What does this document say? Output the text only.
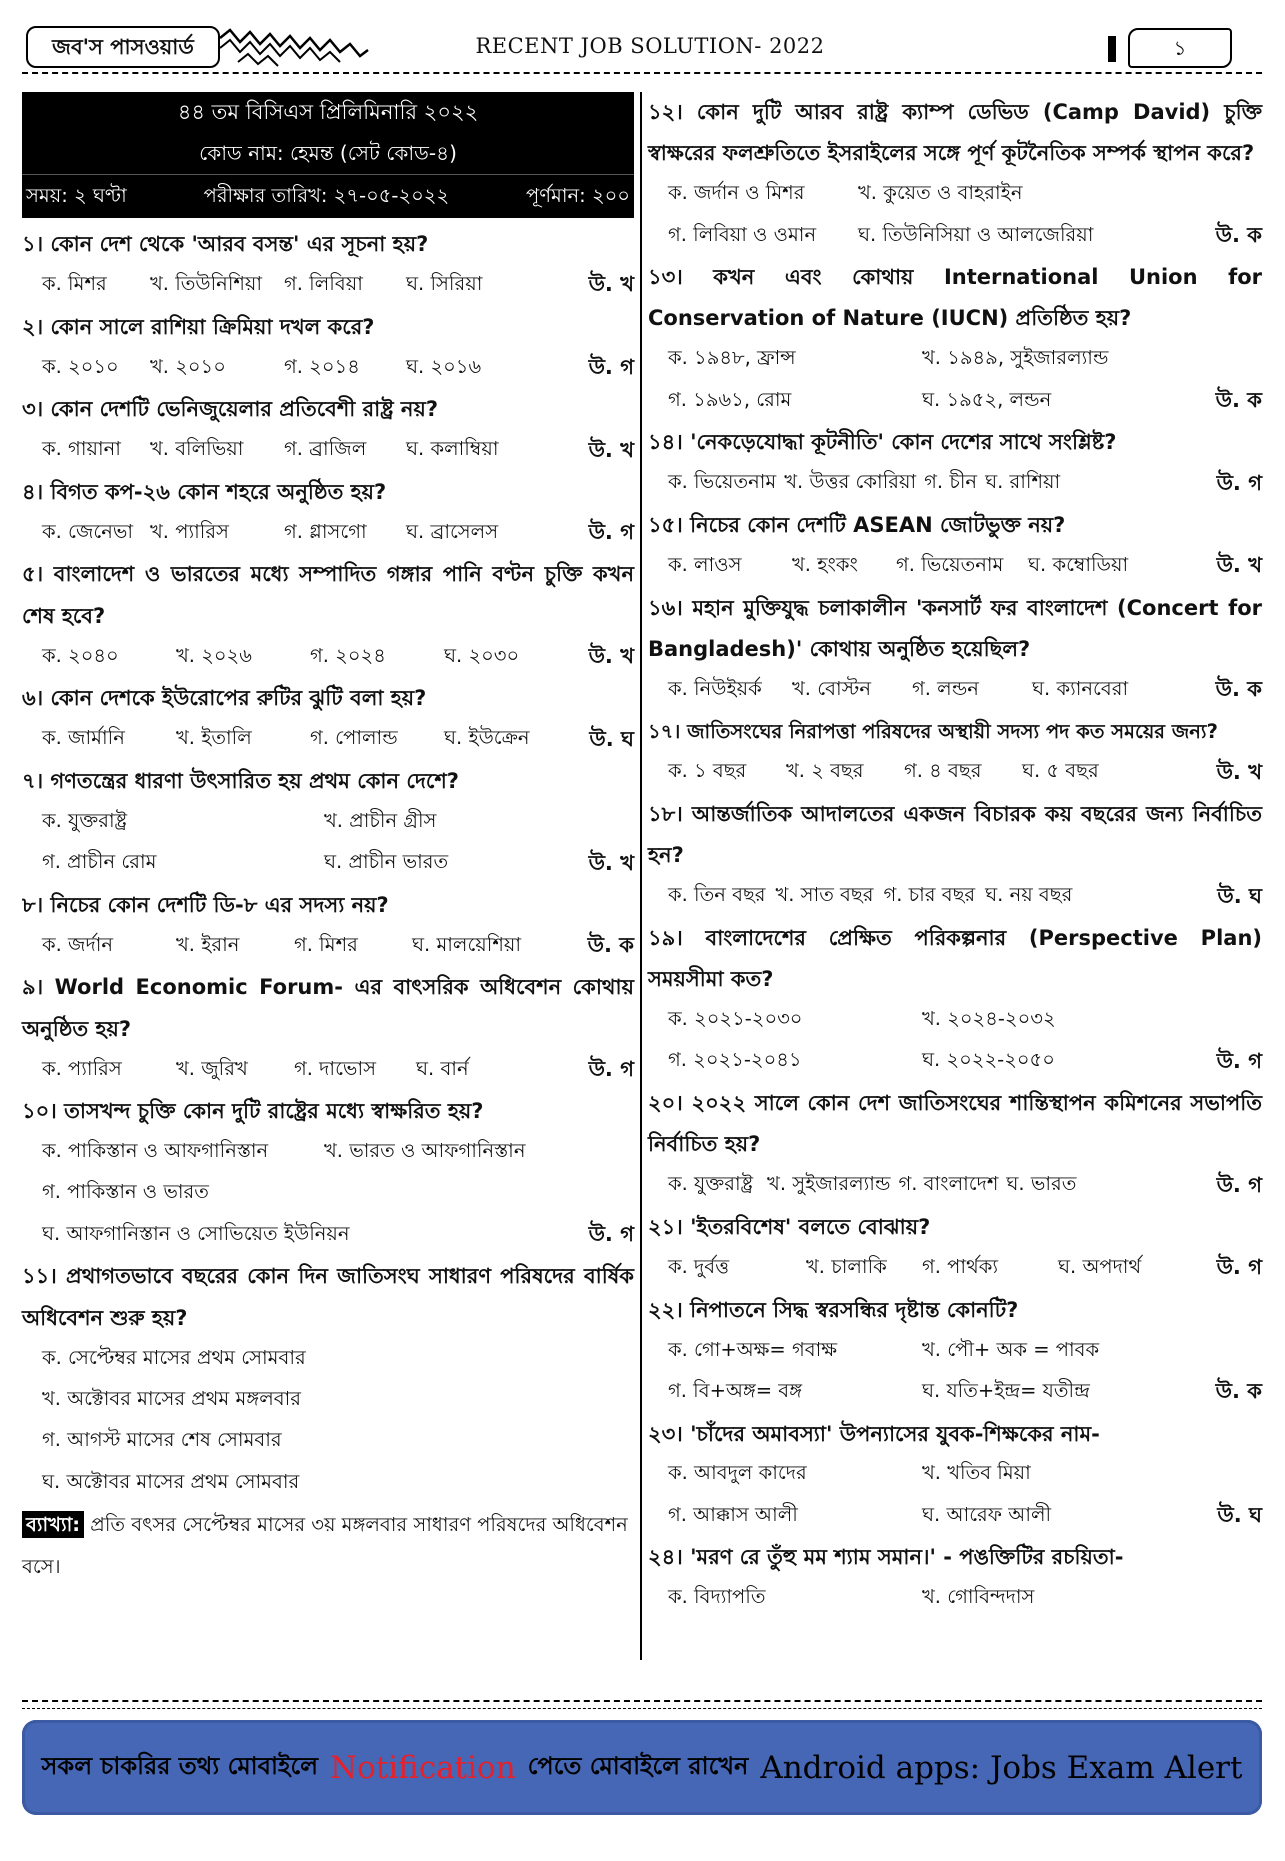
জব'স পাসওয়ার্ড	RECENT JOB SOLUTION- 2022	১
৪৪ তম বিসিএস প্রিলিমিনারি ২০২২
কোড নাম: হেমন্ত (সেট কোড-৪)
সময়: ২ ঘণ্টা	পরীক্ষার তারিখ: ২৭-০৫-২০২২	পূর্ণমান: ২০০
১। কোন দেশ থেকে 'আরব বসন্ত' এর সূচনা হয়?
ক. মিশর	খ. তিউনিশিয়া	গ. লিবিয়া	ঘ. সিরিয়া	উ. খ
২। কোন সালে রাশিয়া ক্রিমিয়া দখল করে?
ক. ২০১০	খ. ২০১০	গ. ২০১৪	ঘ. ২০১৬	উ. গ
৩। কোন দেশটি ভেনিজুয়েলার প্রতিবেশী রাষ্ট্র নয়?
ক. গায়ানা	খ. বলিভিয়া	গ. ব্রাজিল	ঘ. কলাম্বিয়া	উ. খ
৪। বিগত কপ-২৬ কোন শহরে অনুষ্ঠিত হয়?
ক. জেনেভা খ. প্যারিস	গ. গ্লাসগো	ঘ. ব্রাসেলস	উ. গ
৫। বাংলাদেশ ও ভারতের মধ্যে সম্পাদিত গঙ্গার পানি বণ্টন চুক্তি কখন শেষ হবে?
ক. ২০৪০	খ. ২০২৬	গ. ২০২৪	ঘ. ২০৩০	উ. খ
৬। কোন দেশকে ইউরোপের রুটির ঝুটি বলা হয়?
ক. জার্মানি	খ. ইতালি	গ. পোলান্ড	ঘ. ইউক্রেন	উ. ঘ
৭। গণতন্ত্রের ধারণা উৎসারিত হয় প্রথম কোন দেশে?
ক. যুক্তরাষ্ট্র	খ. প্রাচীন গ্রীস
গ. প্রাচীন রোম	ঘ. প্রাচীন ভারত	উ. খ
৮। নিচের কোন দেশটি ডি-৮ এর সদস্য নয়?
ক. জর্দান	খ. ইরান	গ. মিশর	ঘ. মালয়েশিয়া	উ. ক
৯। World Economic Forum- এর বাৎসরিক অধিবেশন কোথায় অনুষ্ঠিত হয়?
ক. প্যারিস	খ. জুরিখ	গ. দাভোস	ঘ. বার্ন	উ. গ
১০। তাসখন্দ চুক্তি কোন দুটি রাষ্ট্রের মধ্যে স্বাক্ষরিত হয়?
ক. পাকিস্তান ও আফগানিস্তান	খ. ভারত ও আফগানিস্তান
গ. পাকিস্তান ও ভারত
ঘ. আফগানিস্তান ও সোভিয়েত ইউনিয়ন	উ. গ
১১। প্রথাগতভাবে বছরের কোন দিন জাতিসংঘ সাধারণ পরিষদের বার্ষিক অধিবেশন শুরু হয়?
ক. সেপ্টেম্বর মাসের প্রথম সোমবার
খ. অক্টোবর মাসের প্রথম মঙ্গলবার
গ. আগস্ট মাসের শেষ সোমবার
ঘ. অক্টোবর মাসের প্রথম সোমবার
ব্যাখ্যা: প্রতি বৎসর সেপ্টেম্বর মাসের ৩য় মঙ্গলবার সাধারণ পরিষদের অধিবেশন বসে।
১২। কোন দুটি আরব রাষ্ট্র ক্যাম্প ডেভিড (Camp David) চুক্তি স্বাক্ষরের ফলশ্রুতিতে ইসরাইলের সঙ্গে পূর্ণ কূটনৈতিক সম্পর্ক স্থাপন করে?
ক. জর্দান ও মিশর	খ. কুয়েত ও বাহরাইন
গ. লিবিয়া ও ওমান	ঘ. তিউনিসিয়া ও আলজেরিয়া	উ. ক
১৩। কখন এবং কোথায় International Union for Conservation of Nature (IUCN) প্রতিষ্ঠিত হয়?
ক. ১৯৪৮, ফ্রান্স	খ. ১৯৪৯, সুইজারল্যান্ড
গ. ১৯৬১, রোম	ঘ. ১৯৫২, লন্ডন	উ. ক
১৪। 'নেকড়েযোদ্ধা কূটনীতি' কোন দেশের সাথে সংশ্লিষ্ট?
ক. ভিয়েতনাম খ. উত্তর কোরিয়া গ. চীন ঘ. রাশিয়া	উ. গ
১৫। নিচের কোন দেশটি ASEAN জোটভুক্ত নয়?
ক. লাওস	খ. হংকং	গ. ভিয়েতনাম	ঘ. কম্বোডিয়া	উ. খ
১৬। মহান মুক্তিযুদ্ধ চলাকালীন 'কনসার্ট ফর বাংলাদেশ (Concert for Bangladesh)' কোথায় অনুষ্ঠিত হয়েছিল?
ক. নিউইয়র্ক	খ. বোস্টন	গ. লন্ডন	ঘ. ক্যানবেরা	উ. ক
১৭। জাতিসংঘের নিরাপত্তা পরিষদের অস্থায়ী সদস্য পদ কত সময়ের জন্য?
ক. ১ বছর	খ. ২ বছর	গ. ৪ বছর	ঘ. ৫ বছর	উ. খ
১৮। আন্তর্জাতিক আদালতের একজন বিচারক কয় বছরের জন্য নির্বাচিত হন?
ক. তিন বছর খ. সাত বছর গ. চার বছর ঘ. নয় বছর	উ. ঘ
১৯। বাংলাদেশের প্রেক্ষিত পরিকল্পনার (Perspective Plan) সময়সীমা কত?
ক. ২০২১-২০৩০	খ. ২০২৪-২০৩২
গ. ২০২১-২০৪১	ঘ. ২০২২-২০৫০	উ. গ
২০। ২০২২ সালে কোন দেশ জাতিসংঘের শান্তিস্থাপন কমিশনের সভাপতি নির্বাচিত হয়?
ক. যুক্তরাষ্ট্র খ. সুইজারল্যান্ড গ. বাংলাদেশ ঘ. ভারত	উ. গ
২১। 'ইতরবিশেষ' বলতে বোঝায়?
ক. দুর্বত্ত	খ. চালাকি	গ. পার্থক্য	ঘ. অপদার্থ	উ. গ
২২। নিপাতনে সিদ্ধ স্বরসন্ধির দৃষ্টান্ত কোনটি?
ক. গো+অক্ষ= গবাক্ষ	খ. পৌ+ অক = পাবক
গ. বি+অঙ্গ= বঙ্গ	ঘ. যতি+ইন্দ্র= যতীন্দ্র	উ. ক
২৩। 'চাঁদের অমাবস্যা' উপন্যাসের যুবক-শিক্ষকের নাম-
ক. আবদুল কাদের	খ. খতিব মিয়া
গ. আক্কাস আলী	ঘ. আরেফ আলী	উ. ঘ
২৪। 'মরণ রে তুঁহু মম শ্যাম সমান।' - পঙক্তিটির রচয়িতা-
ক. বিদ্যাপতি	খ. গোবিন্দদাস
সকল চাকরির তথ্য মোবাইলে Notification পেতে মোবাইলে রাখেন Android apps: Jobs Exam Alert
